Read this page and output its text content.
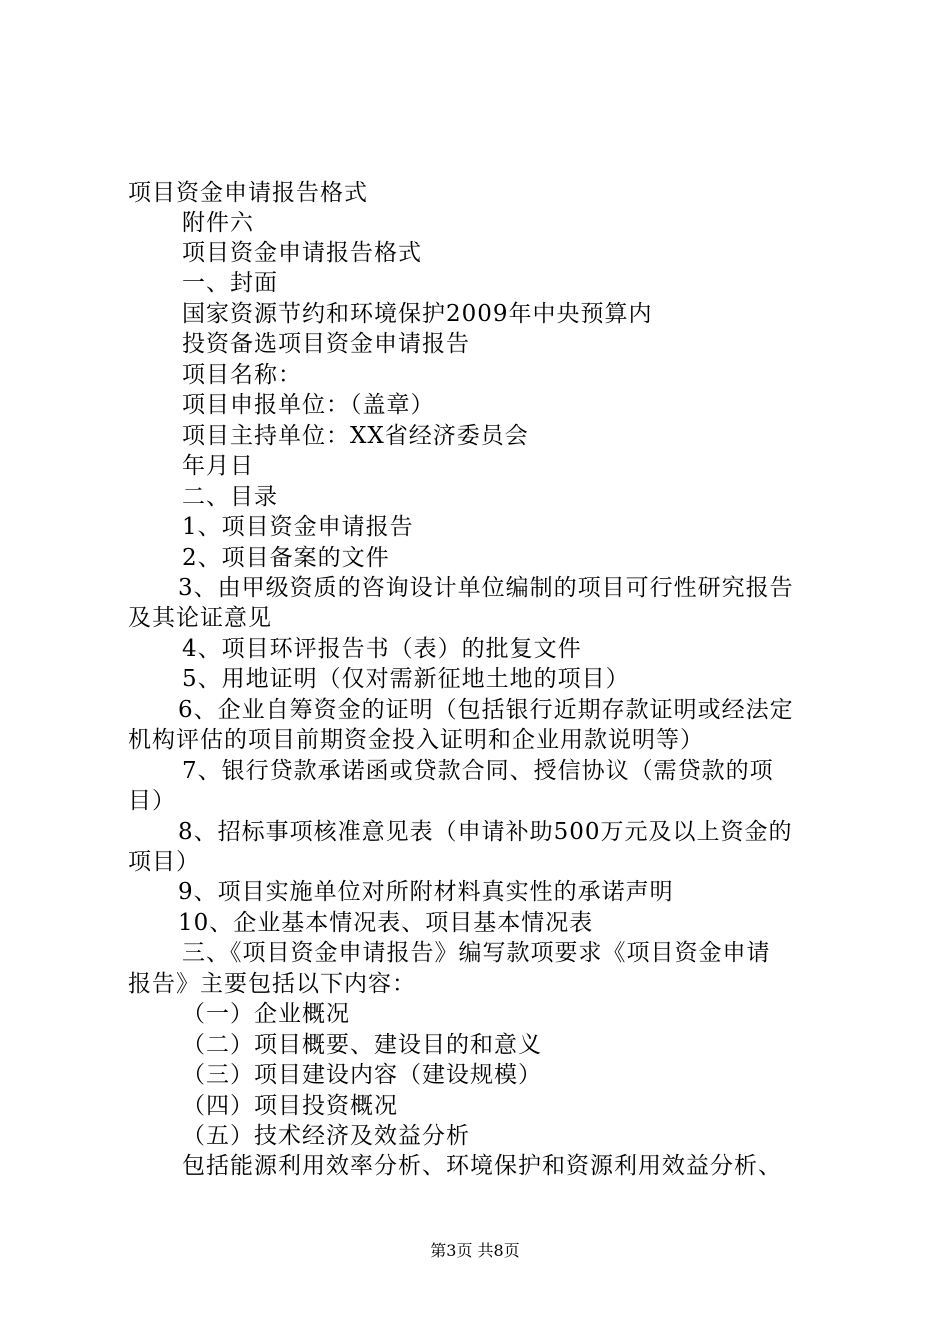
项目资金申请报告格式
附件六
项目资金申请报告格式
一、封面
国家资源节约和环境保护2009年中央预算内
投资备选项目资金申请报告
项目名称：
项目申报单位：（盖章）
项目主持单位：XX省经济委员会
年月日
二、目录
1、项目资金申请报告
2、项目备案的文件
3、由甲级资质的咨询设计单位编制的项目可行性研究报告
及其论证意见
4、项目环评报告书（表）的批复文件
5、用地证明（仅对需新征地土地的项目）
6、企业自筹资金的证明（包括银行近期存款证明或经法定
机构评估的项目前期资金投入证明和企业用款说明等）
7、银行贷款承诺函或贷款合同、授信协议（需贷款的项
目）
8、招标事项核准意见表（申请补助500万元及以上资金的
项目）
9、项目实施单位对所附材料真实性的承诺声明
10、企业基本情况表、项目基本情况表
三、《项目资金申请报告》编写款项要求《项目资金申请
报告》主要包括以下内容：
（一）企业概况
（二）项目概要、建设目的和意义
（三）项目建设内容（建设规模）
（四）项目投资概况
（五）技术经济及效益分析
包括能源利用效率分析、环境保护和资源利用效益分析、
第3页 共8页
